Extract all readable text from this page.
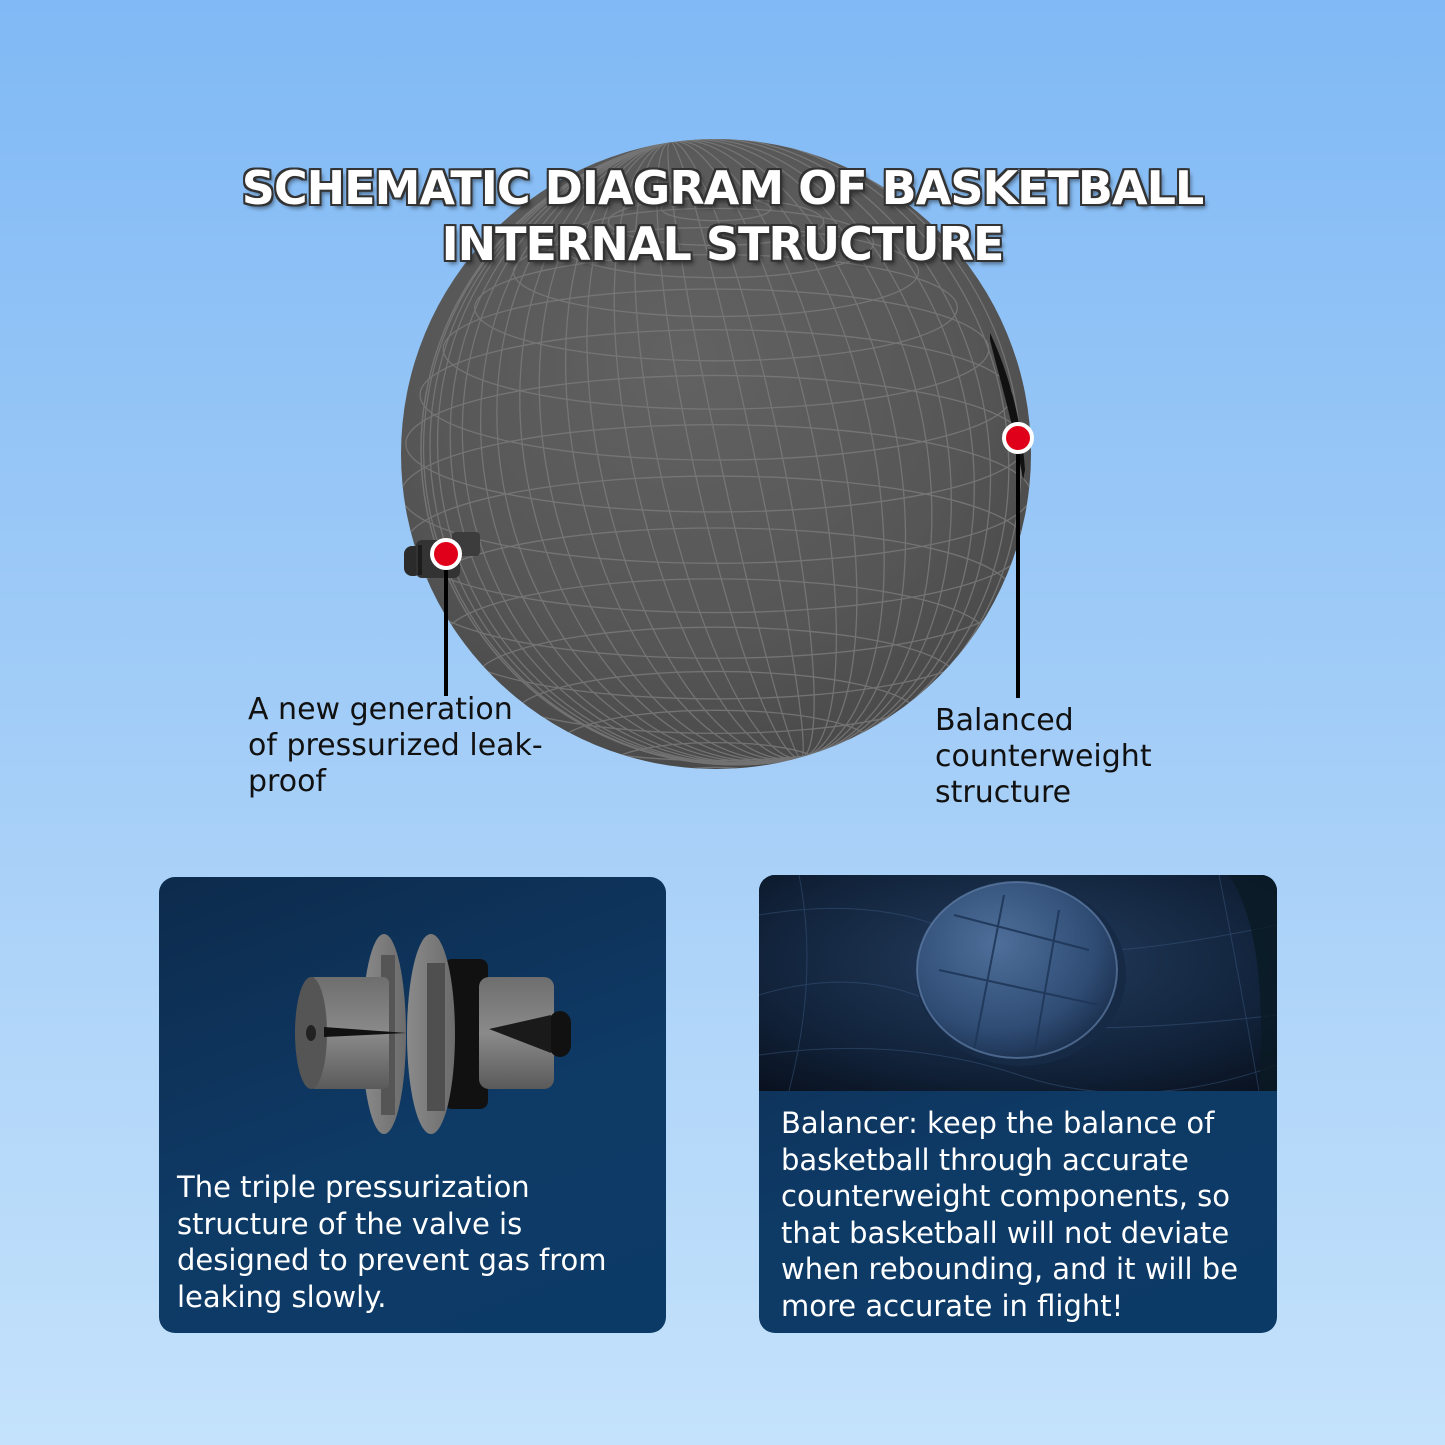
SCHEMATIC DIAGRAM OF BASKETBALL
INTERNAL STRUCTURE
A new generation of pressurized leak-proof
Balanced counterweight structure
The triple pressurization structure of the valve is designed to prevent gas from leaking slowly.
Balancer: keep the balance of basketball through accurate counterweight components, so that basketball will not deviate when rebounding, and it will be more accurate in flight!
